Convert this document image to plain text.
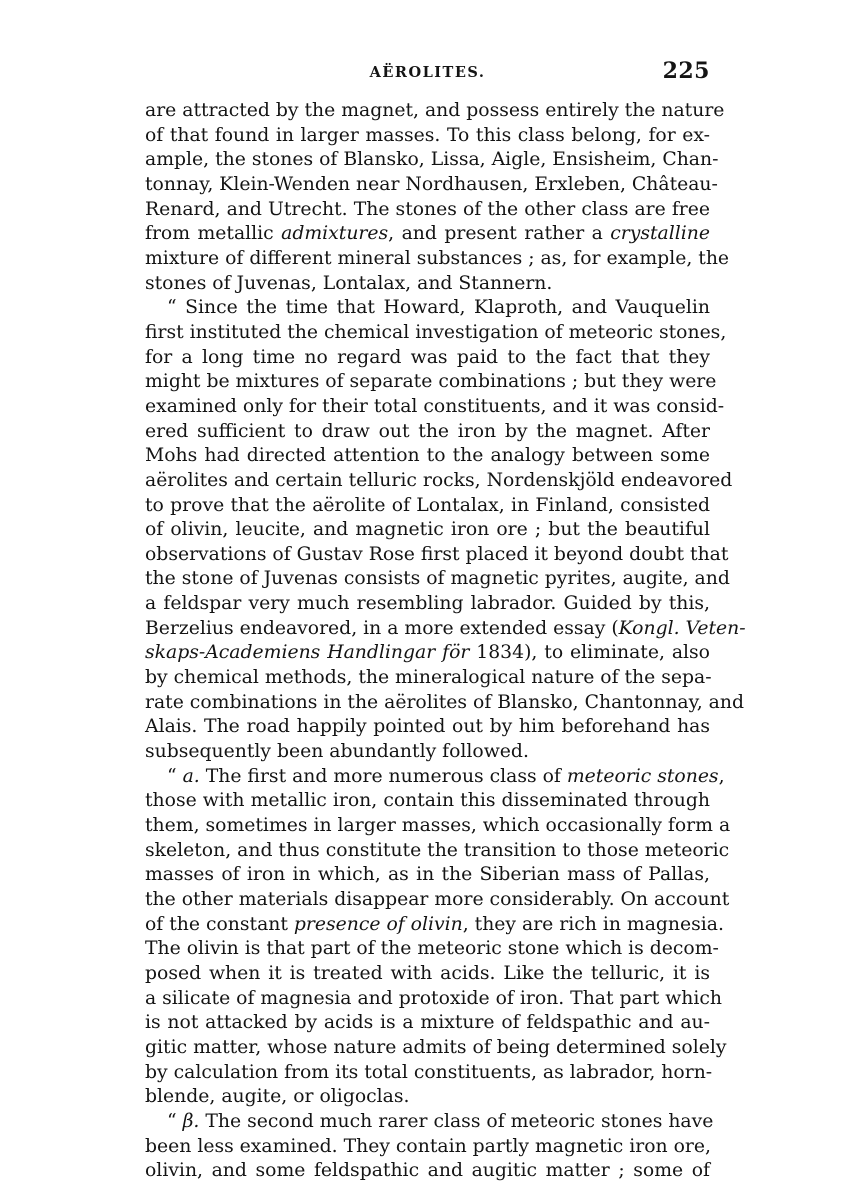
AËROLITES.	225

are attracted by the magnet, and possess entirely the nature
of that found in larger masses. To this class belong, for ex-
ample, the stones of Blansko, Lissa, Aigle, Ensisheim, Chan-
tonnay, Klein-Wenden near Nordhausen, Erxleben, Château-
Renard, and Utrecht. The stones of the other class are free
from metallic admixtures, and present rather a crystalline
mixture of different mineral substances ; as, for example, the
stones of Juvenas, Lontalax, and Stannern.

“ Since the time that Howard, Klaproth, and Vauquelin
first instituted the chemical investigation of meteoric stones,
for a long time no regard was paid to the fact that they
might be mixtures of separate combinations ; but they were
examined only for their total constituents, and it was consid-
ered sufficient to draw out the iron by the magnet. After
Mohs had directed attention to the analogy between some
aërolites and certain telluric rocks, Nordenskjöld endeavored
to prove that the aërolite of Lontalax, in Finland, consisted
of olivin, leucite, and magnetic iron ore ; but the beautiful
observations of Gustav Rose first placed it beyond doubt that
the stone of Juvenas consists of magnetic pyrites, augite, and
a feldspar very much resembling labrador. Guided by this,
Berzelius endeavored, in a more extended essay (Kongl. Veten-
skaps-Academiens Handlingar för 1834), to eliminate, also
by chemical methods, the mineralogical nature of the sepa-
rate combinations in the aërolites of Blansko, Chantonnay, and
Alais. The road happily pointed out by him beforehand has
subsequently been abundantly followed.

“ a. The first and more numerous class of meteoric stones,
those with metallic iron, contain this disseminated through
them, sometimes in larger masses, which occasionally form a
skeleton, and thus constitute the transition to those meteoric
masses of iron in which, as in the Siberian mass of Pallas,
the other materials disappear more considerably. On account
of the constant presence of olivin, they are rich in magnesia.
The olivin is that part of the meteoric stone which is decom-
posed when it is treated with acids. Like the telluric, it is
a silicate of magnesia and protoxide of iron. That part which
is not attacked by acids is a mixture of feldspathic and au-
gitic matter, whose nature admits of being determined solely
by calculation from its total constituents, as labrador, horn-
blende, augite, or oligoclas.

“ β. The second much rarer class of meteoric stones have
been less examined. They contain partly magnetic iron ore,
olivin, and some feldspathic and augitic matter ; some of
